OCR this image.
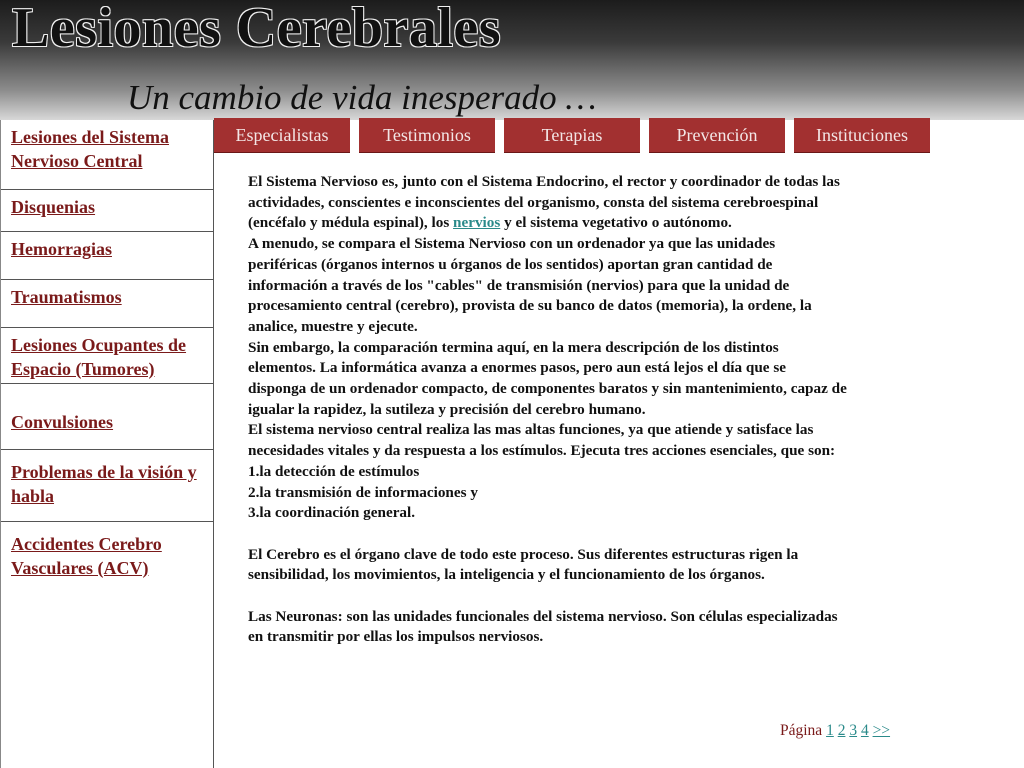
Lesiones Cerebrales
Un cambio de vida inesperado …
Lesiones del Sistema Nervioso Central
Disquenias
Hemorragias
Traumatismos
Lesiones Ocupantes de Espacio (Tumores)
Convulsiones
Problemas de la visión y habla
Accidentes Cerebro Vasculares (ACV)
Especialistas	Testimonios	Terapias	Prevención	Instituciones

El Sistema Nervioso es, junto con el Sistema Endocrino, el rector y coordinador de todas las actividades, conscientes e inconscientes del organismo, consta del sistema cerebroespinal (encéfalo y médula espinal), los nervios y el sistema vegetativo o autónomo.

A menudo, se compara el Sistema Nervioso con un ordenador ya que las unidades periféricas (órganos internos u órganos de los sentidos) aportan gran cantidad de información a través de los "cables" de transmisión (nervios) para que la unidad de procesamiento central (cerebro), provista de su banco de datos (memoria), la ordene, la analice, muestre y ejecute.

Sin embargo, la comparación termina aquí, en la mera descripción de los distintos elementos. La informática avanza a enormes pasos, pero aun está lejos el día que se disponga de un ordenador compacto, de componentes baratos y sin mantenimiento, capaz de igualar la rapidez, la sutileza y precisión del cerebro humano.

El sistema nervioso central realiza las mas altas funciones, ya que atiende y satisface las necesidades vitales y da respuesta a los estímulos. Ejecuta tres acciones esenciales, que son:

1.la detección de estímulos

2.la transmisión de informaciones y

3.la coordinación general.

El Cerebro es el órgano clave de todo este proceso. Sus diferentes estructuras rigen la sensibilidad, los movimientos, la inteligencia y el funcionamiento de los órganos.

Las Neuronas: son las unidades funcionales del sistema nervioso. Son células especializadas en transmitir por ellas los impulsos nerviosos.

Página 1 2 3 4 >>
